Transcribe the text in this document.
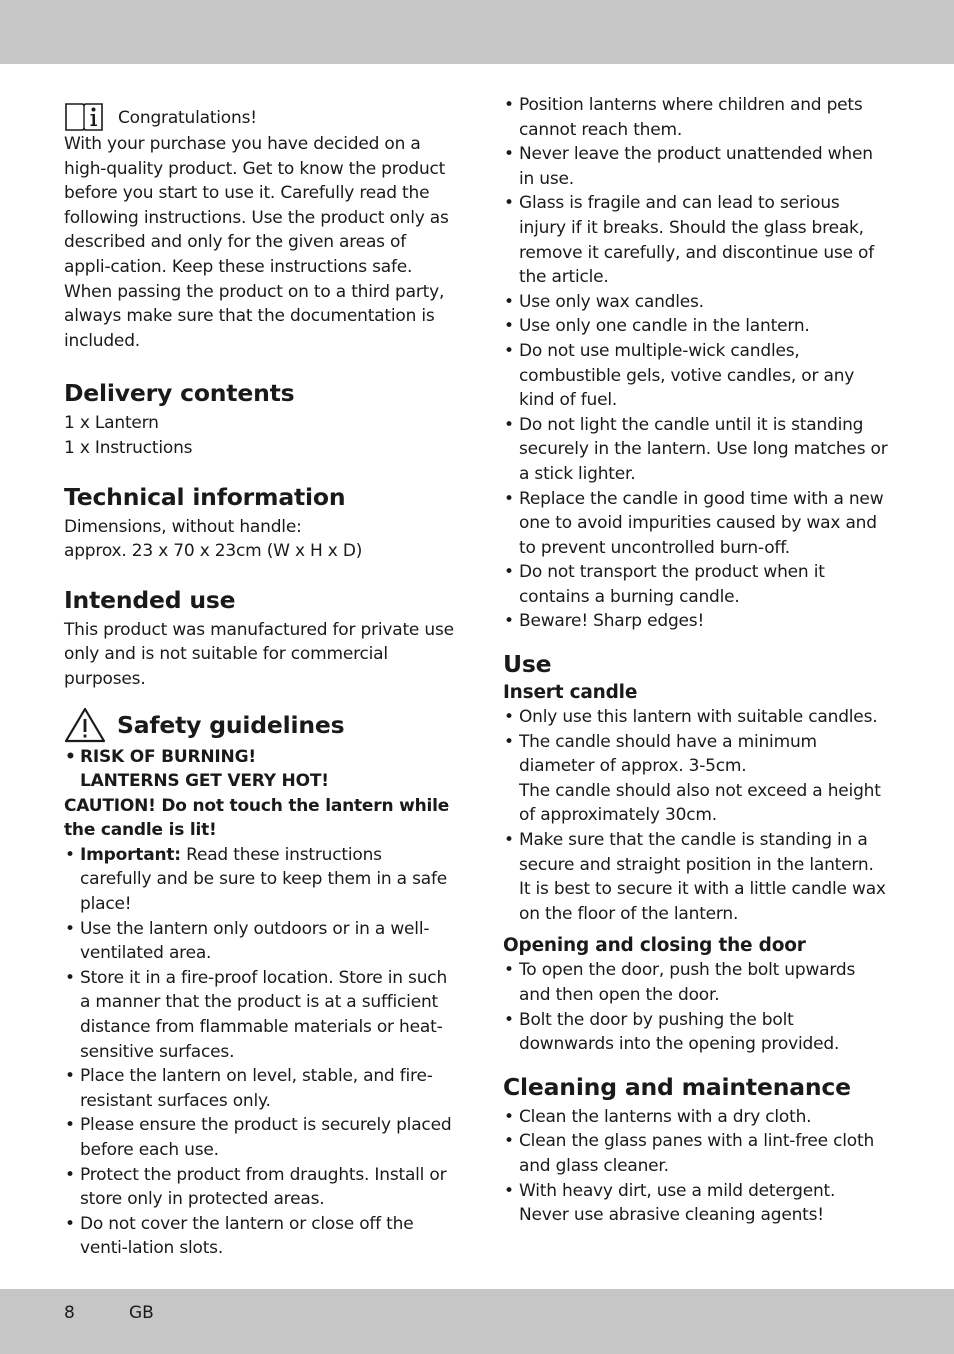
Congratulations!

With your purchase you have decided on a high-quality product. Get to know the product before you start to use it. Carefully read the following instructions. Use the product only as described and only for the given areas of appli-cation. Keep these instructions safe.

When passing the product on to a third party, always make sure that the documentation is included.

Delivery contents

1 x Lantern

1 x Instructions

Technical information

Dimensions, without handle:

approx. 23 x 70 x 23cm (W x H x D)

Intended use

This product was manufactured for private use only and is not suitable for commercial purposes.

Safety guidelines
• RISK OF BURNING!
LANTERNS GET VERY HOT!

CAUTION! Do not touch the lantern while the candle is lit!

• Important: Read these instructions carefully and be sure to keep them in a safe place!
• Use the lantern only outdoors or in a well-ventilated area.
• Store it in a fire-proof location. Store in such a manner that the product is at a sufficient distance from flammable materials or heat-sensitive surfaces.
• Place the lantern on level, stable, and fire-resistant surfaces only.
• Please ensure the product is securely placed before each use.
• Protect the product from draughts. Install or store only in protected areas.
• Do not cover the lantern or close off the venti-lation slots.
• Position lanterns where children and pets cannot reach them.
• Never leave the product unattended when in use.
• Glass is fragile and can lead to serious injury if it breaks. Should the glass break, remove it carefully, and discontinue use of the article.
• Use only wax candles.
• Use only one candle in the lantern.
• Do not use multiple-wick candles, combustible gels, votive candles, or any kind of fuel.
• Do not light the candle until it is standing securely in the lantern. Use long matches or a stick lighter.
• Replace the candle in good time with a new one to avoid impurities caused by wax and to prevent uncontrolled burn-off.
• Do not transport the product when it contains a burning candle.
• Beware! Sharp edges!
Use
Insert candle
• Only use this lantern with suitable candles.
• The candle should have a minimum diameter of approx. 3-5cm.

The candle should also not exceed a height of approximately 30cm.

• Make sure that the candle is standing in a secure and straight position in the lantern.

It is best to secure it with a little candle wax on the floor of the lantern.

Opening and closing the door
• To open the door, push the bolt upwards and then open the door.
• Bolt the door by pushing the bolt downwards into the opening provided.
Cleaning and maintenance
• Clean the lanterns with a dry cloth.
• Clean the glass panes with a lint-free cloth and glass cleaner.
• With heavy dirt, use a mild detergent.

Never use abrasive cleaning agents!

8	GB
